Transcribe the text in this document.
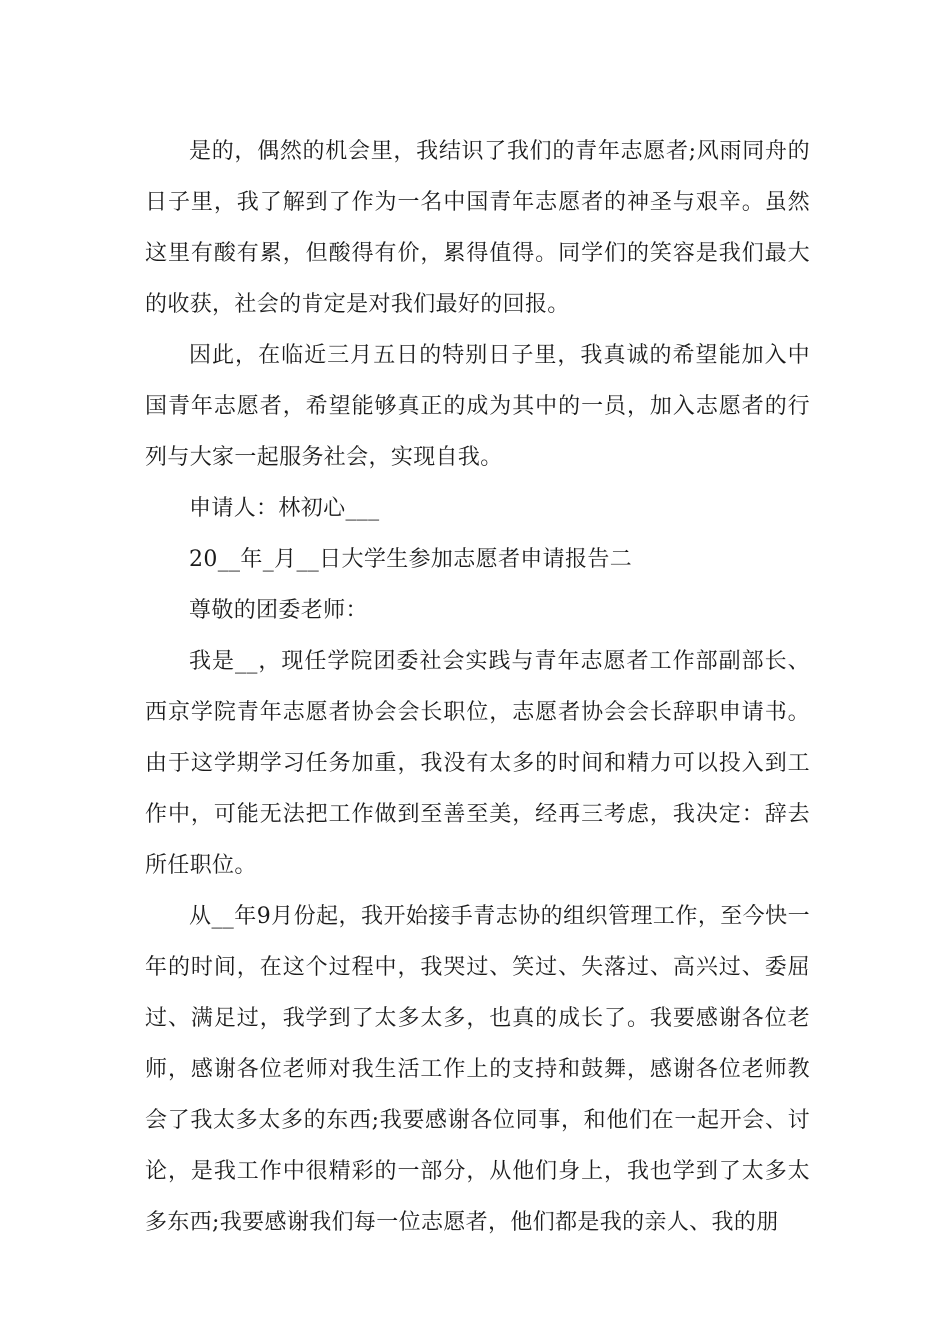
是的，偶然的机会里，我结识了我们的青年志愿者;风雨同舟的日子里，我了解到了作为一名中国青年志愿者的神圣与艰辛。虽然这里有酸有累，但酸得有价，累得值得。同学们的笑容是我们最大的收获，社会的肯定是对我们最好的回报。

因此，在临近三月五日的特别日子里，我真诚的希望能加入中国青年志愿者，希望能够真正的成为其中的一员，加入志愿者的行列与大家一起服务社会，实现自我。

申请人：林初心___

20__年_月__日大学生参加志愿者申请报告二

尊敬的团委老师：

我是__，现任学院团委社会实践与青年志愿者工作部副部长、西京学院青年志愿者协会会长职位，志愿者协会会长辞职申请书。由于这学期学习任务加重，我没有太多的时间和精力可以投入到工作中，可能无法把工作做到至善至美，经再三考虑，我决定：辞去所任职位。

从__年9月份起，我开始接手青志协的组织管理工作，至今快一年的时间，在这个过程中，我哭过、笑过、失落过、高兴过、委屈过、满足过，我学到了太多太多，也真的成长了。我要感谢各位老师，感谢各位老师对我生活工作上的支持和鼓舞，感谢各位老师教会了我太多太多的东西;我要感谢各位同事，和他们在一起开会、讨论，是我工作中很精彩的一部分，从他们身上，我也学到了太多太多东西;我要感谢我们每一位志愿者，他们都是我的亲人、我的朋
